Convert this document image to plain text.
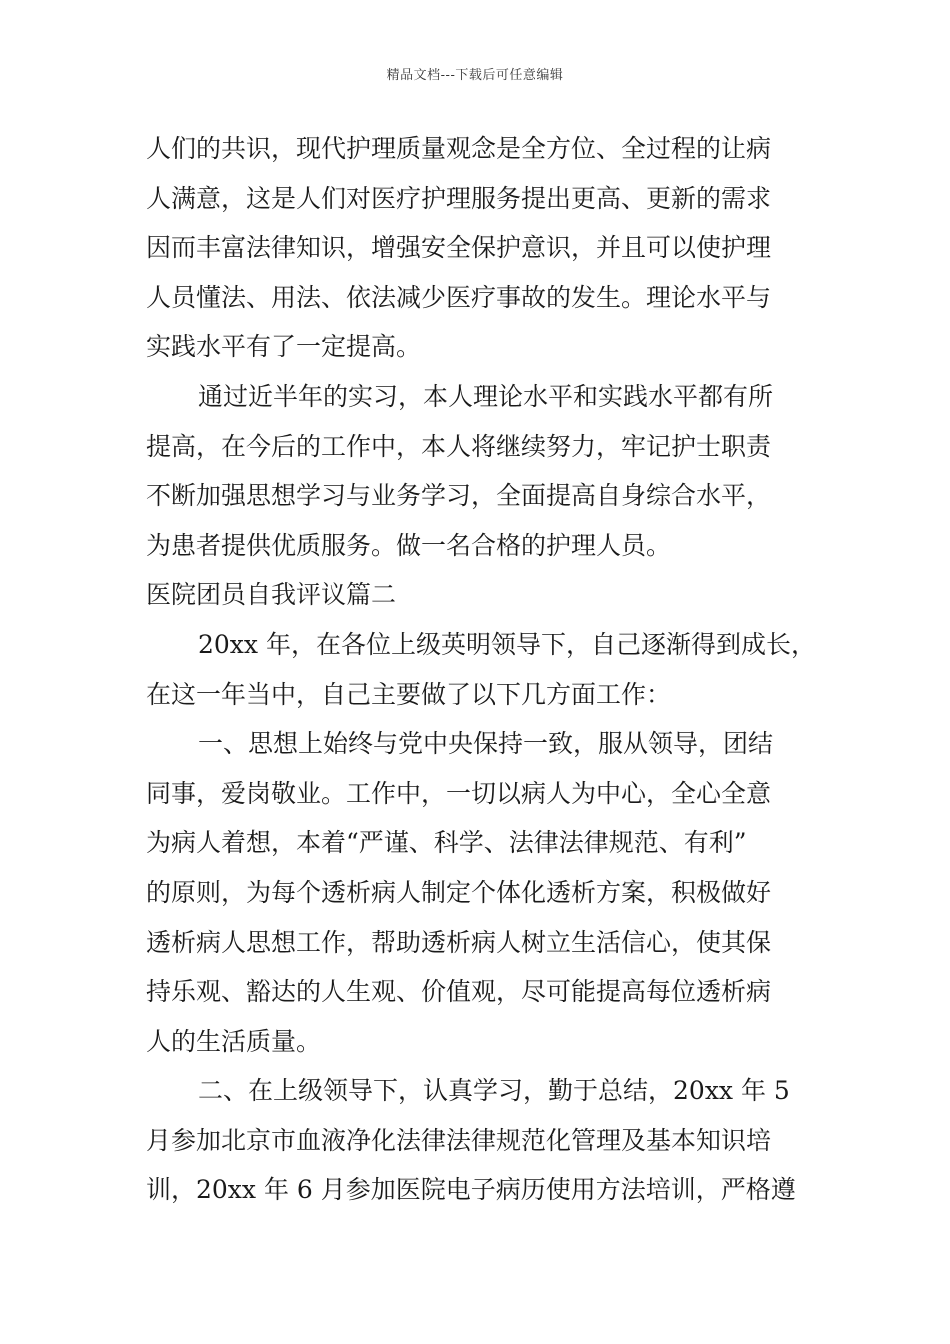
精品文档---下载后可任意编辑
人们的共识，现代护理质量观念是全方位、全过程的让病
人满意，这是人们对医疗护理服务提出更高、更新的需求
因而丰富法律知识，增强安全保护意识，并且可以使护理
人员懂法、用法、依法减少医疗事故的发生。理论水平与
实践水平有了一定提高。
通过近半年的实习，本人理论水平和实践水平都有所
提高，在今后的工作中，本人将继续努力，牢记护士职责
不断加强思想学习与业务学习，全面提高自身综合水平，
为患者提供优质服务。做一名合格的护理人员。
医院团员自我评议篇二
20xx 年，在各位上级英明领导下，自己逐渐得到成长，
在这一年当中，自己主要做了以下几方面工作：
一、思想上始终与党中央保持一致，服从领导，团结
同事，爱岗敬业。工作中，一切以病人为中心，全心全意
为病人着想，本着“严谨、科学、法律法律规范、有利”
的原则，为每个透析病人制定个体化透析方案，积极做好
透析病人思想工作，帮助透析病人树立生活信心，使其保
持乐观、豁达的人生观、价值观，尽可能提高每位透析病
人的生活质量。
二、在上级领导下，认真学习，勤于总结，20xx 年 5
月参加北京市血液净化法律法律规范化管理及基本知识培
训，20xx 年 6 月参加医院电子病历使用方法培训，严格遵
